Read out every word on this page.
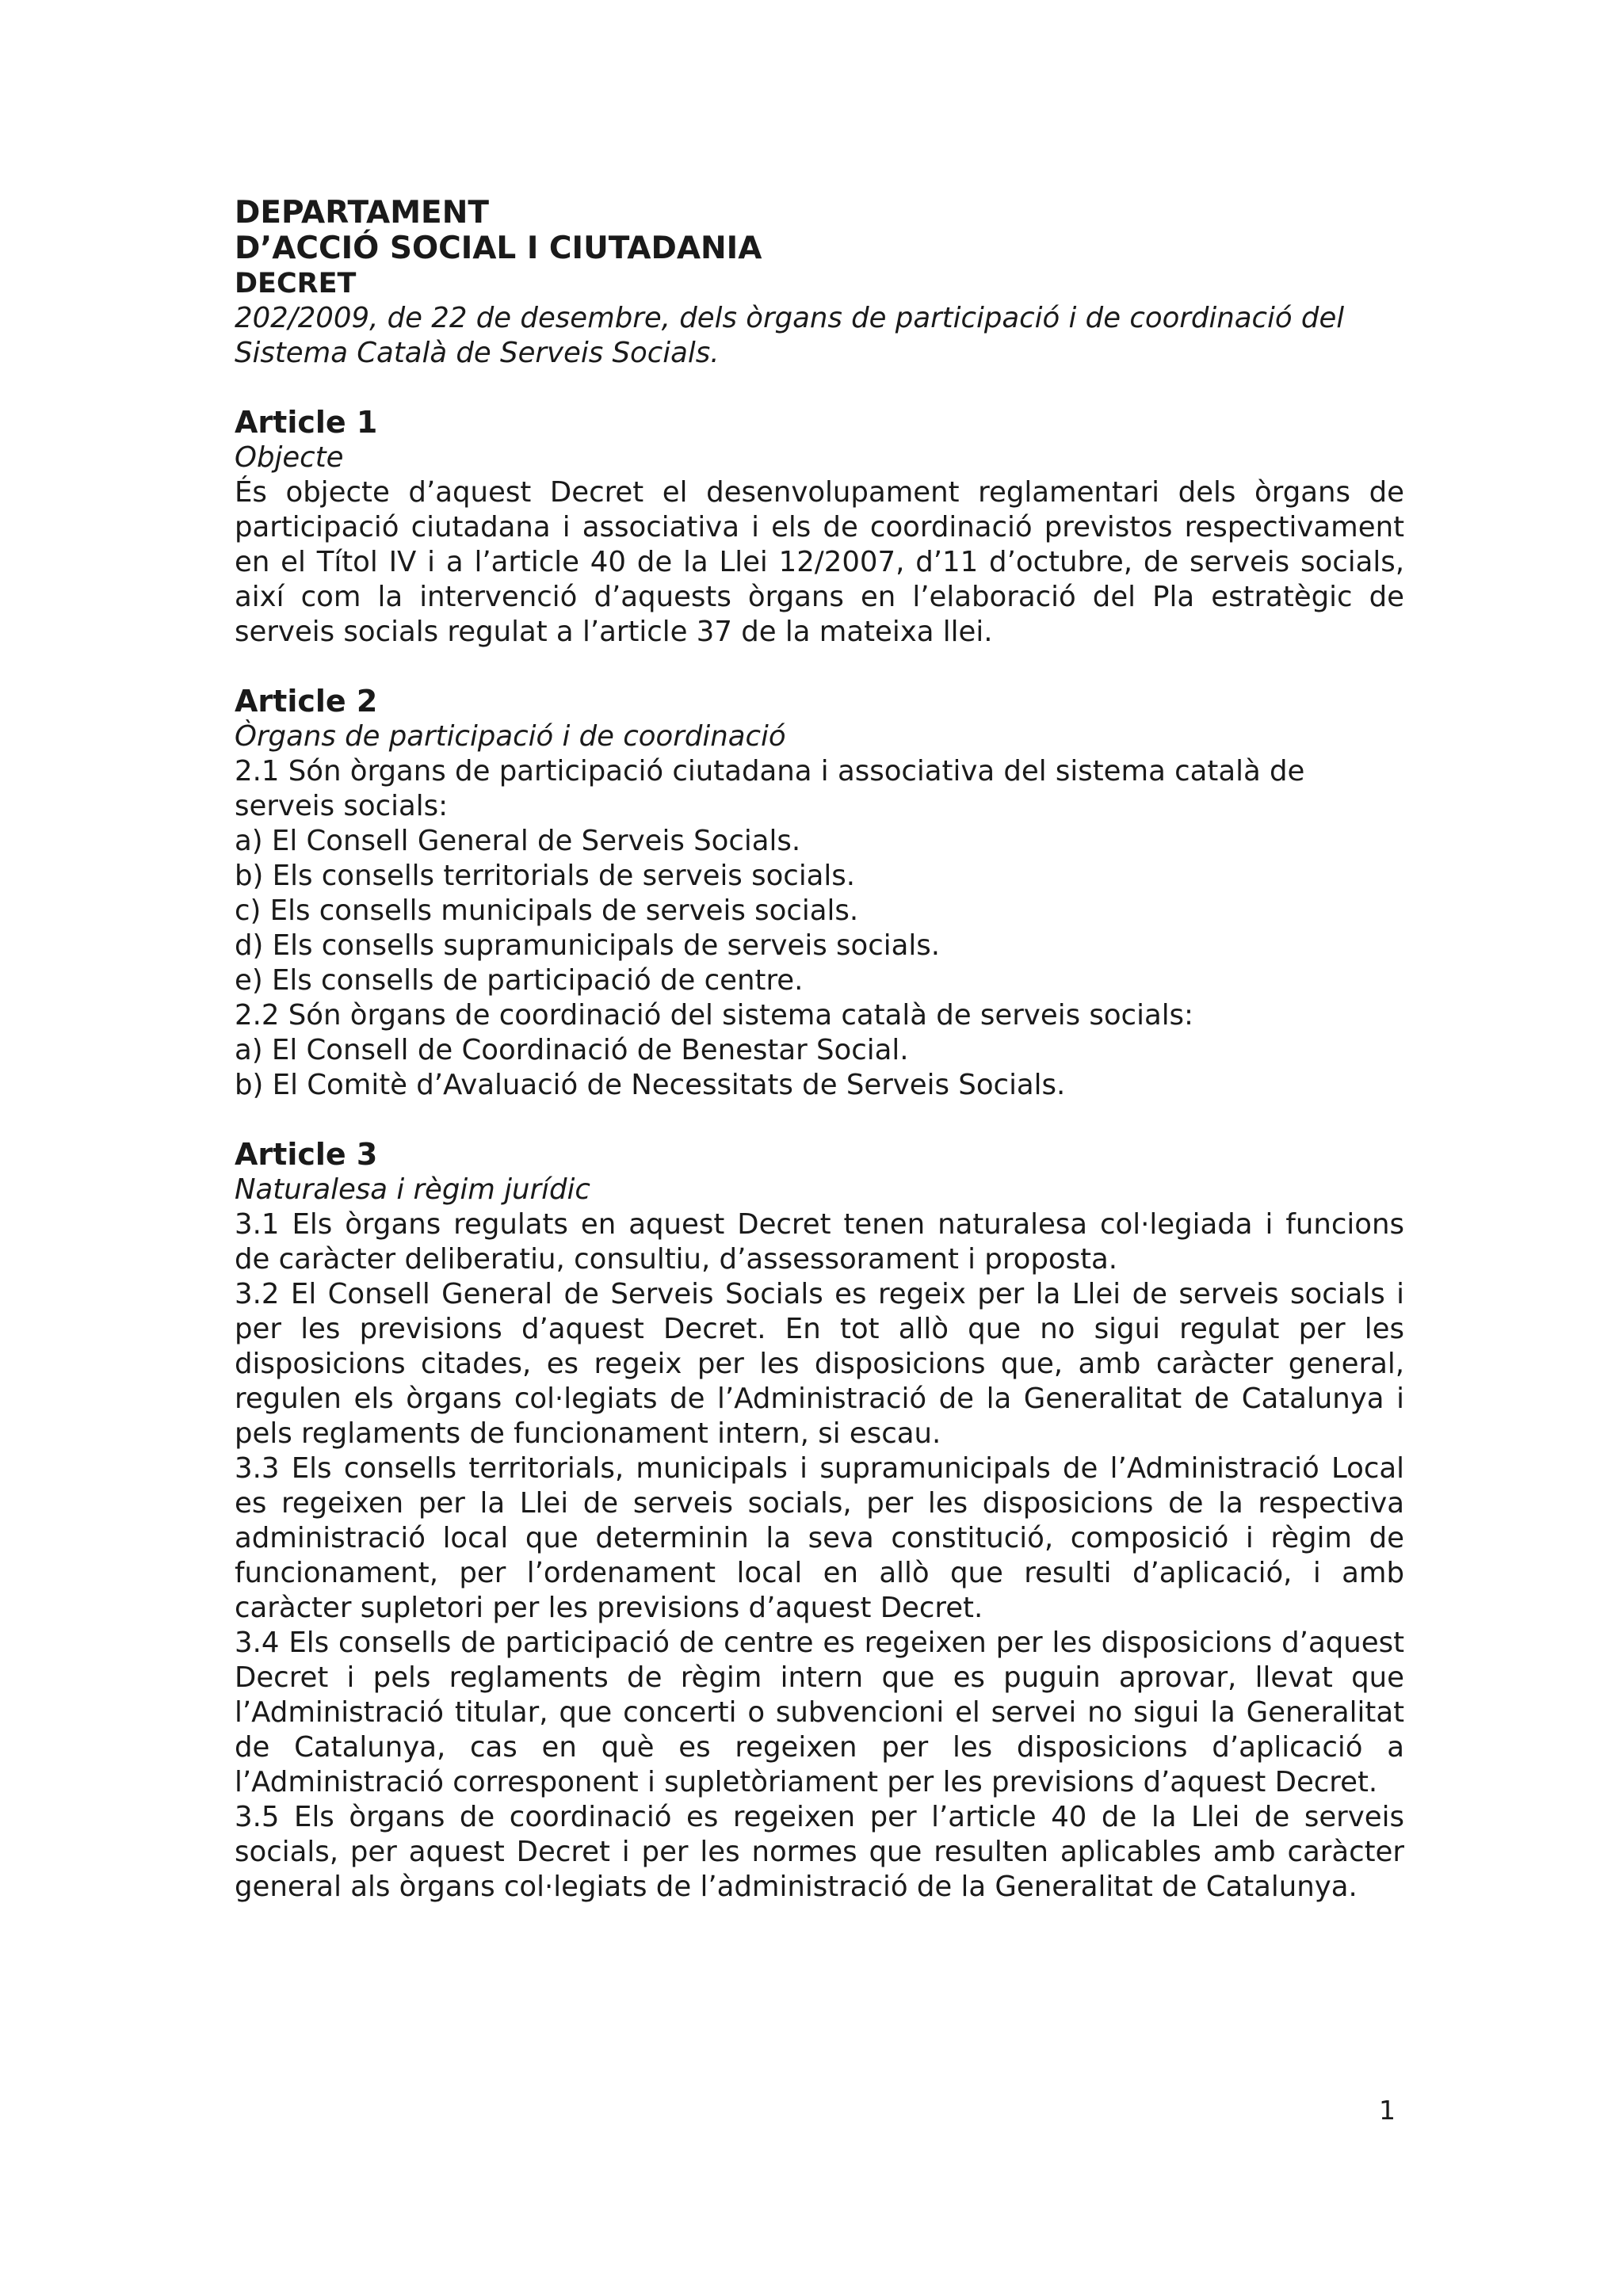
DEPARTAMENT
D’ACCIÓ SOCIAL I CIUTADANIA
DECRET
202/2009, de 22 de desembre, dels òrgans de participació i de coordinació del Sistema Català de Serveis Socials.
Article 1
Objecte
És objecte d’aquest Decret el desenvolupament reglamentari dels òrgans de participació ciutadana i associativa i els de coordinació previstos respectivament en el Títol IV i a l’article 40 de la Llei 12/2007, d’11 d’octubre, de serveis socials, així com la intervenció d’aquests òrgans en l’elaboració del Pla estratègic de serveis socials regulat a l’article 37 de la mateixa llei.
Article 2
Òrgans de participació i de coordinació
2.1 Són òrgans de participació ciutadana i associativa del sistema català de serveis socials:
a) El Consell General de Serveis Socials.
b) Els consells territorials de serveis socials.
c) Els consells municipals de serveis socials.
d) Els consells supramunicipals de serveis socials.
e) Els consells de participació de centre.
2.2 Són òrgans de coordinació del sistema català de serveis socials:
a) El Consell de Coordinació de Benestar Social.
b) El Comitè d’Avaluació de Necessitats de Serveis Socials.
Article 3
Naturalesa i règim jurídic
3.1 Els òrgans regulats en aquest Decret tenen naturalesa col·legiada i funcions de caràcter deliberatiu, consultiu, d’assessorament i proposta.
3.2 El Consell General de Serveis Socials es regeix per la Llei de serveis socials i per les previsions d’aquest Decret. En tot allò que no sigui regulat per les disposicions citades, es regeix per les disposicions que, amb caràcter general, regulen els òrgans col·legiats de l’Administració de la Generalitat de Catalunya i pels reglaments de funcionament intern, si escau.
3.3 Els consells territorials, municipals i supramunicipals de l’Administració Local es regeixen per la Llei de serveis socials, per les disposicions de la respectiva administració local que determinin la seva constitució, composició i règim de funcionament, per l’ordenament local en allò que resulti d’aplicació, i amb caràcter supletori per les previsions d’aquest Decret.
3.4 Els consells de participació de centre es regeixen per les disposicions d’aquest Decret i pels reglaments de règim intern que es puguin aprovar, llevat que l’Administració titular, que concerti o subvencioni el servei no sigui la Generalitat de Catalunya, cas en què es regeixen per les disposicions d’aplicació a l’Administració corresponent i supletòriament per les previsions d’aquest Decret.
3.5 Els òrgans de coordinació es regeixen per l’article 40 de la Llei de serveis socials, per aquest Decret i per les normes que resulten aplicables amb caràcter general als òrgans col·legiats de l’administració de la Generalitat de Catalunya.
1
